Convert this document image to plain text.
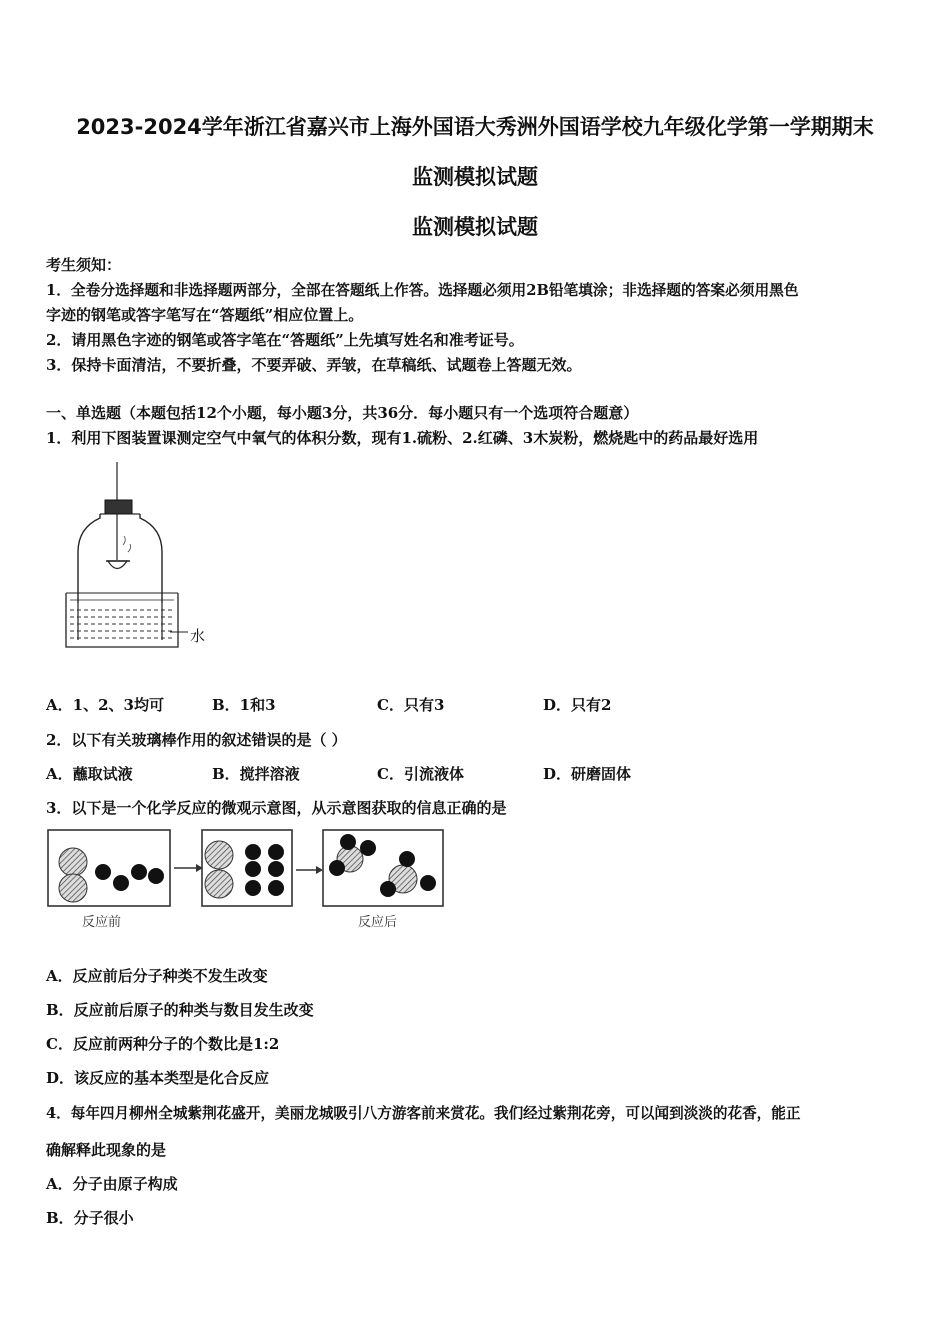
2023-2024学年浙江省嘉兴市上海外国语大秀洲外国语学校九年级化学第一学期期末
监测模拟试题
监测模拟试题
考生须知：
1．全卷分选择题和非选择题两部分，全部在答题纸上作答。选择题必须用2B铅笔填涂；非选择题的答案必须用黑色
字迹的钢笔或答字笔写在“答题纸”相应位置上。
2．请用黑色字迹的钢笔或答字笔在“答题纸”上先填写姓名和准考证号。
3．保持卡面清洁，不要折叠，不要弄破、弄皱，在草稿纸、试题卷上答题无效。
一、单选题（本题包括12个小题，每小题3分，共36分．每小题只有一个选项符合题意）
1．利用下图装置课测定空气中氧气的体积分数，现有1.硫粉、2.红磷、3木炭粉，燃烧匙中的药品最好选用
水
A．1、2、3均可	B．1和3	C．只有3	D．只有2
2．以下有关玻璃棒作用的叙述错误的是（ ）
A．蘸取试液	B．搅拌溶液	C．引流液体	D．研磨固体
3．以下是一个化学反应的微观示意图，从示意图获取的信息正确的是
反应前	反应后
A．反应前后分子种类不发生改变
B．反应前后原子的种类与数目发生改变
C．反应前两种分子的个数比是1:2
D．该反应的基本类型是化合反应
4．每年四月柳州全城紫荆花盛开，美丽龙城吸引八方游客前来赏花。我们经过紫荆花旁，可以闻到淡淡的花香，能正
确解释此现象的是
A．分子由原子构成
B．分子很小
